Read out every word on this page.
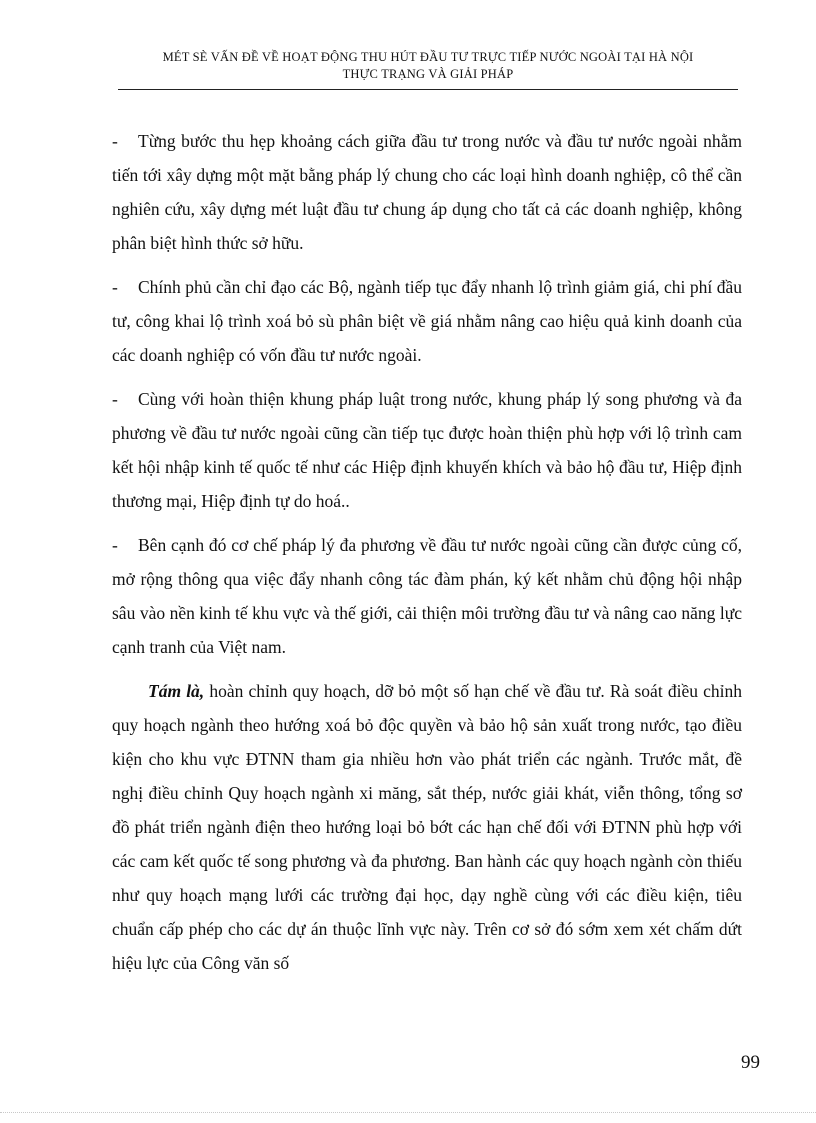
MÉT SÈ VẤN ĐỀ VỀ HOẠT ĐỘNG THU HÚT ĐẦU TƯ TRỰC TIẾP NƯỚC NGOÀI TẠI HÀ NỘI
THỰC TRẠNG VÀ GIẢI PHÁP

- Từng bước thu hẹp khoảng cách giữa đầu tư trong nước và đầu tư nước ngoài nhằm tiến tới xây dựng một mặt bằng pháp lý chung cho các loại hình doanh nghiệp, cô thể cần nghiên cứu, xây dựng mét luật đầu tư chung áp dụng cho tất cả các doanh nghiệp, không phân biệt hình thức sở hữu.

- Chính phủ cần chỉ đạo các Bộ, ngành tiếp tục đẩy nhanh lộ trình giảm giá, chi phí đầu tư, công khai lộ trình xoá bỏ sù phân biệt về giá nhằm nâng cao hiệu quả kinh doanh của các doanh nghiệp có vốn đầu tư nước ngoài.

- Cùng với hoàn thiện khung pháp luật trong nước, khung pháp lý song phương và đa phương về đầu tư nước ngoài cũng cần tiếp tục được hoàn thiện phù hợp với lộ trình cam kết hội nhập kinh tế quốc tế như các Hiệp định khuyến khích và bảo hộ đầu tư, Hiệp định thương mại, Hiệp định tự do hoá..

- Bên cạnh đó cơ chế pháp lý đa phương về đầu tư nước ngoài cũng cần được củng cố, mở rộng thông qua việc đẩy nhanh công tác đàm phán, ký kết nhằm chủ động hội nhập sâu vào nền kinh tế khu vực và thế giới, cải thiện môi trường đầu tư và nâng cao năng lực cạnh tranh của Việt nam.

Tám là, hoàn chỉnh quy hoạch, dỡ bỏ một số hạn chế về đầu tư. Rà soát điều chỉnh quy hoạch ngành theo hướng xoá bỏ độc quyền và bảo hộ sản xuất trong nước, tạo điều kiện cho khu vực ĐTNN tham gia nhiều hơn vào phát triển các ngành. Trước mắt, đề nghị điều chỉnh Quy hoạch ngành xi măng, sắt thép, nước giải khát, viễn thông, tổng sơ đồ phát triển ngành điện theo hướng loại bỏ bớt các hạn chế đối với ĐTNN phù hợp với các cam kết quốc tế song phương và đa phương. Ban hành các quy hoạch ngành còn thiếu như quy hoạch mạng lưới các trường đại học, dạy nghề cùng với các điều kiện, tiêu chuẩn cấp phép cho các dự án thuộc lĩnh vực này. Trên cơ sở đó sớm xem xét chấm dứt hiệu lực của Công văn số

99
